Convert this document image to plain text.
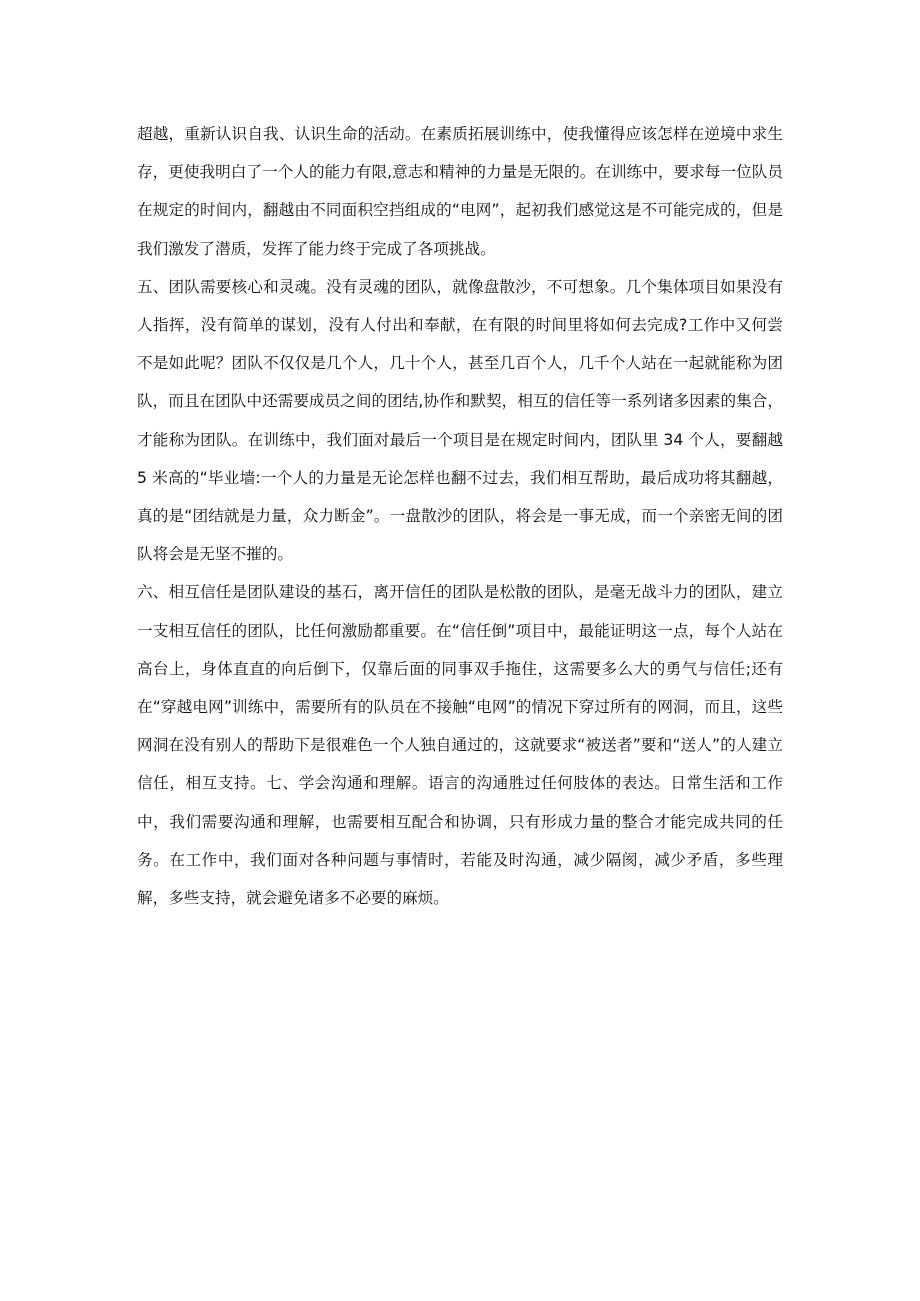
超越，重新认识自我、认识生命的活动。在素质拓展训练中，使我懂得应该怎样在逆境中求生存，更使我明白了一个人的能力有限,意志和精神的力量是无限的。在训练中，要求每一位队员在规定的时间内，翻越由不同面积空挡组成的“电网”，起初我们感觉这是不可能完成的，但是我们激发了潜质，发挥了能力终于完成了各项挑战。

五、团队需要核心和灵魂。没有灵魂的团队，就像盘散沙，不可想象。几个集体项目如果没有人指挥，没有简单的谋划，没有人付出和奉献，在有限的时间里将如何去完成?工作中又何尝不是如此呢？团队不仅仅是几个人，几十个人，甚至几百个人，几千个人站在一起就能称为团队，而且在团队中还需要成员之间的团结,协作和默契，相互的信任等一系列诸多因素的集合，才能称为团队。在训练中，我们面对最后一个项目是在规定时间内，团队里 34 个人，要翻越 5 米高的“毕业墙:一个人的力量是无论怎样也翻不过去，我们相互帮助，最后成功将其翻越，真的是“团结就是力量，众力断金”。一盘散沙的团队，将会是一事无成，而一个亲密无间的团队将会是无坚不摧的。

六、相互信任是团队建设的基石，离开信任的团队是松散的团队，是毫无战斗力的团队，建立一支相互信任的团队，比任何激励都重要。在“信任倒”项目中，最能证明这一点，每个人站在高台上，身体直直的向后倒下，仅靠后面的同事双手拖住，这需要多么大的勇气与信任;还有在“穿越电网”训练中，需要所有的队员在不接触“电网”的情况下穿过所有的网洞，而且，这些网洞在没有别人的帮助下是很难色一个人独自通过的，这就要求“被送者”要和“送人”的人建立信任，相互支持。七、学会沟通和理解。语言的沟通胜过任何肢体的表达。日常生活和工作中，我们需要沟通和理解，也需要相互配合和协调，只有形成力量的整合才能完成共同的任务。在工作中，我们面对各种问题与事情时，若能及时沟通，减少隔阂，减少矛盾，多些理解，多些支持，就会避免诸多不必要的麻烦。
